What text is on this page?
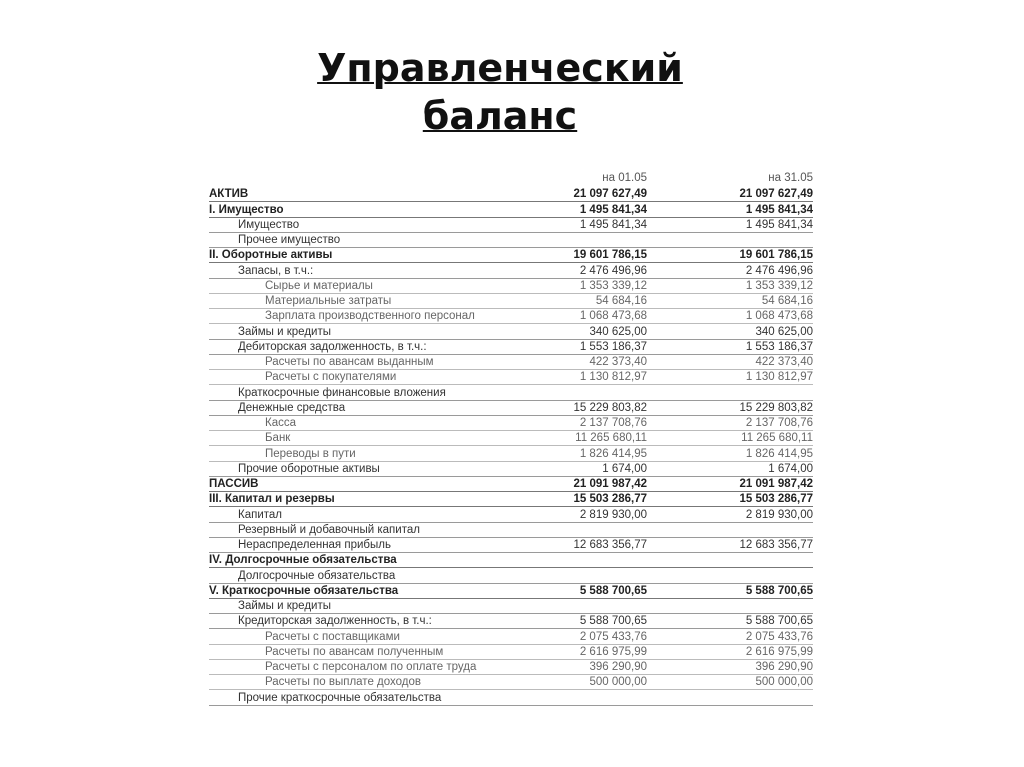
Управленческий
баланс
на 01.05	на 31.05
АКТИВ	21 097 627,49	21 097 627,49
I. Имущество	1 495 841,34	1 495 841,34
Имущество	1 495 841,34	1 495 841,34
Прочее имущество
II. Оборотные активы	19 601 786,15	19 601 786,15
Запасы, в т.ч.:	2 476 496,96	2 476 496,96
Сырье и материалы	1 353 339,12	1 353 339,12
Материальные затраты	54 684,16	54 684,16
Зарплата производственного персонал	1 068 473,68	1 068 473,68
Займы и кредиты	340 625,00	340 625,00
Дебиторская задолженность, в т.ч.:	1 553 186,37	1 553 186,37
Расчеты по авансам выданным	422 373,40	422 373,40
Расчеты с покупателями	1 130 812,97	1 130 812,97
Краткосрочные финансовые вложения
Денежные средства	15 229 803,82	15 229 803,82
Касса	2 137 708,76	2 137 708,76
Банк	11 265 680,11	11 265 680,11
Переводы в пути	1 826 414,95	1 826 414,95
Прочие оборотные активы	1 674,00	1 674,00
ПАССИВ	21 091 987,42	21 091 987,42
III. Капитал и резервы	15 503 286,77	15 503 286,77
Капитал	2 819 930,00	2 819 930,00
Резервный и добавочный капитал
Нераспределенная прибыль	12 683 356,77	12 683 356,77
IV. Долгосрочные обязательства
Долгосрочные обязательства
V. Краткосрочные обязательства	5 588 700,65	5 588 700,65
Займы и кредиты
Кредиторская задолженность, в т.ч.:	5 588 700,65	5 588 700,65
Расчеты с поставщиками	2 075 433,76	2 075 433,76
Расчеты по авансам полученным	2 616 975,99	2 616 975,99
Расчеты с персоналом по оплате труда	396 290,90	396 290,90
Расчеты по выплате доходов	500 000,00	500 000,00
Прочие краткосрочные обязательства
